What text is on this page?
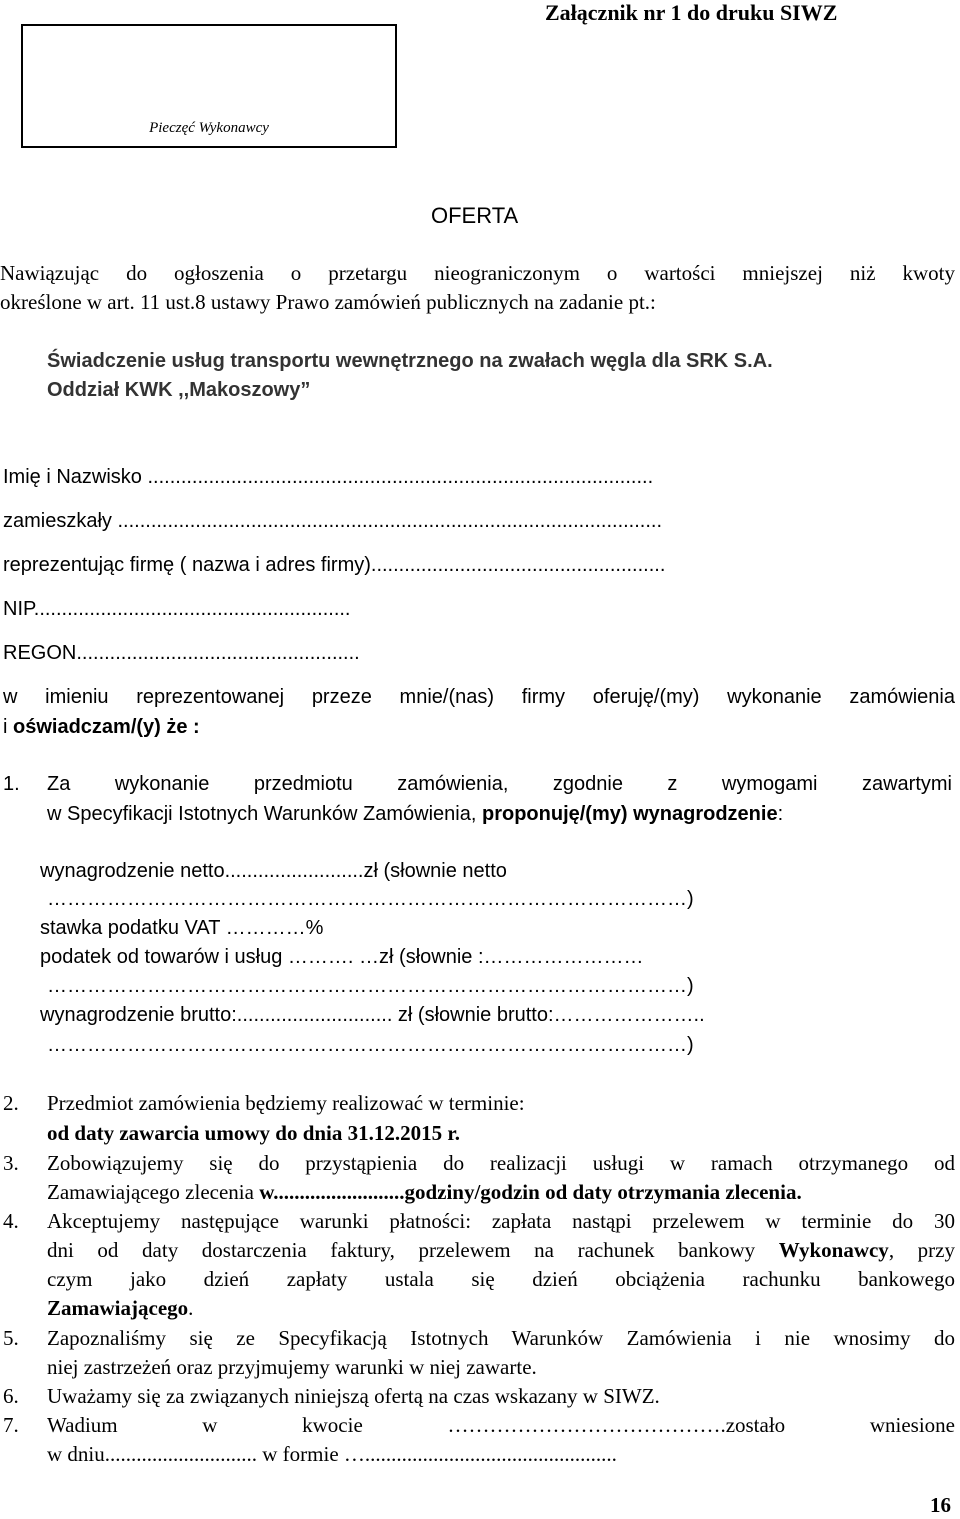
Załącznik nr 1 do druku SIWZ
Pieczęć Wykonawcy
OFERTA
Nawiązując do ogłoszenia o przetargu nieograniczonym o wartości mniejszej niż kwoty
określone w art. 11 ust.8 ustawy Prawo zamówień publicznych na zadanie pt.:
Świadczenie usług transportu wewnętrznego na zwałach węgla dla SRK S.A.
Oddział KWK ,,Makoszowy”
Imię i Nazwisko ...........................................................................................
zamieszkały ..................................................................................................
reprezentując firmę ( nazwa i adres firmy).....................................................
NIP.........................................................
REGON...................................................
w imieniu reprezentowanej przeze mnie/(nas) firmy oferuję/(my) wykonanie zamówienia
i oświadczam/(y) że :
1. Za wykonanie przedmiotu zamówienia, zgodnie z wymogami zawartymi
w Specyfikacji Istotnych Warunków Zamówienia, proponuję/(my) wynagrodzenie:
wynagrodzenie netto.........................zł (słownie netto
……………………………………………………………………………………)
stawka podatku VAT …………%
podatek od towarów i usług ………. …zł (słownie :……………………
……………………………………………………………………………………)
wynagrodzenie brutto:............................ zł (słownie brutto:…………………..
……………………………………………………………………………………)
2. Przedmiot zamówienia będziemy realizować w terminie:
od daty zawarcia umowy do dnia 31.12.2015 r.
3. Zobowiązujemy się do przystąpienia do realizacji usługi w ramach otrzymanego od
Zamawiającego zlecenia w.........................godziny/godzin od daty otrzymania zlecenia.
4. Akceptujemy następujące warunki płatności: zapłata nastąpi przelewem w terminie do 30
dni od daty dostarczenia faktury, przelewem na rachunek bankowy Wykonawcy, przy
czym jako dzień zapłaty ustala się dzień obciążenia rachunku bankowego
Zamawiającego.
5. Zapoznaliśmy się ze Specyfikacją Istotnych Warunków Zamówienia i nie wnosimy do
niej zastrzeżeń oraz przyjmujemy warunki w niej zawarte.
6. Uważamy się za związanych niniejszą ofertą na czas wskazany w SIWZ.
7. Wadium w kwocie ………………………………….zostało wniesione
w dniu............................. w formie …................................................
16
